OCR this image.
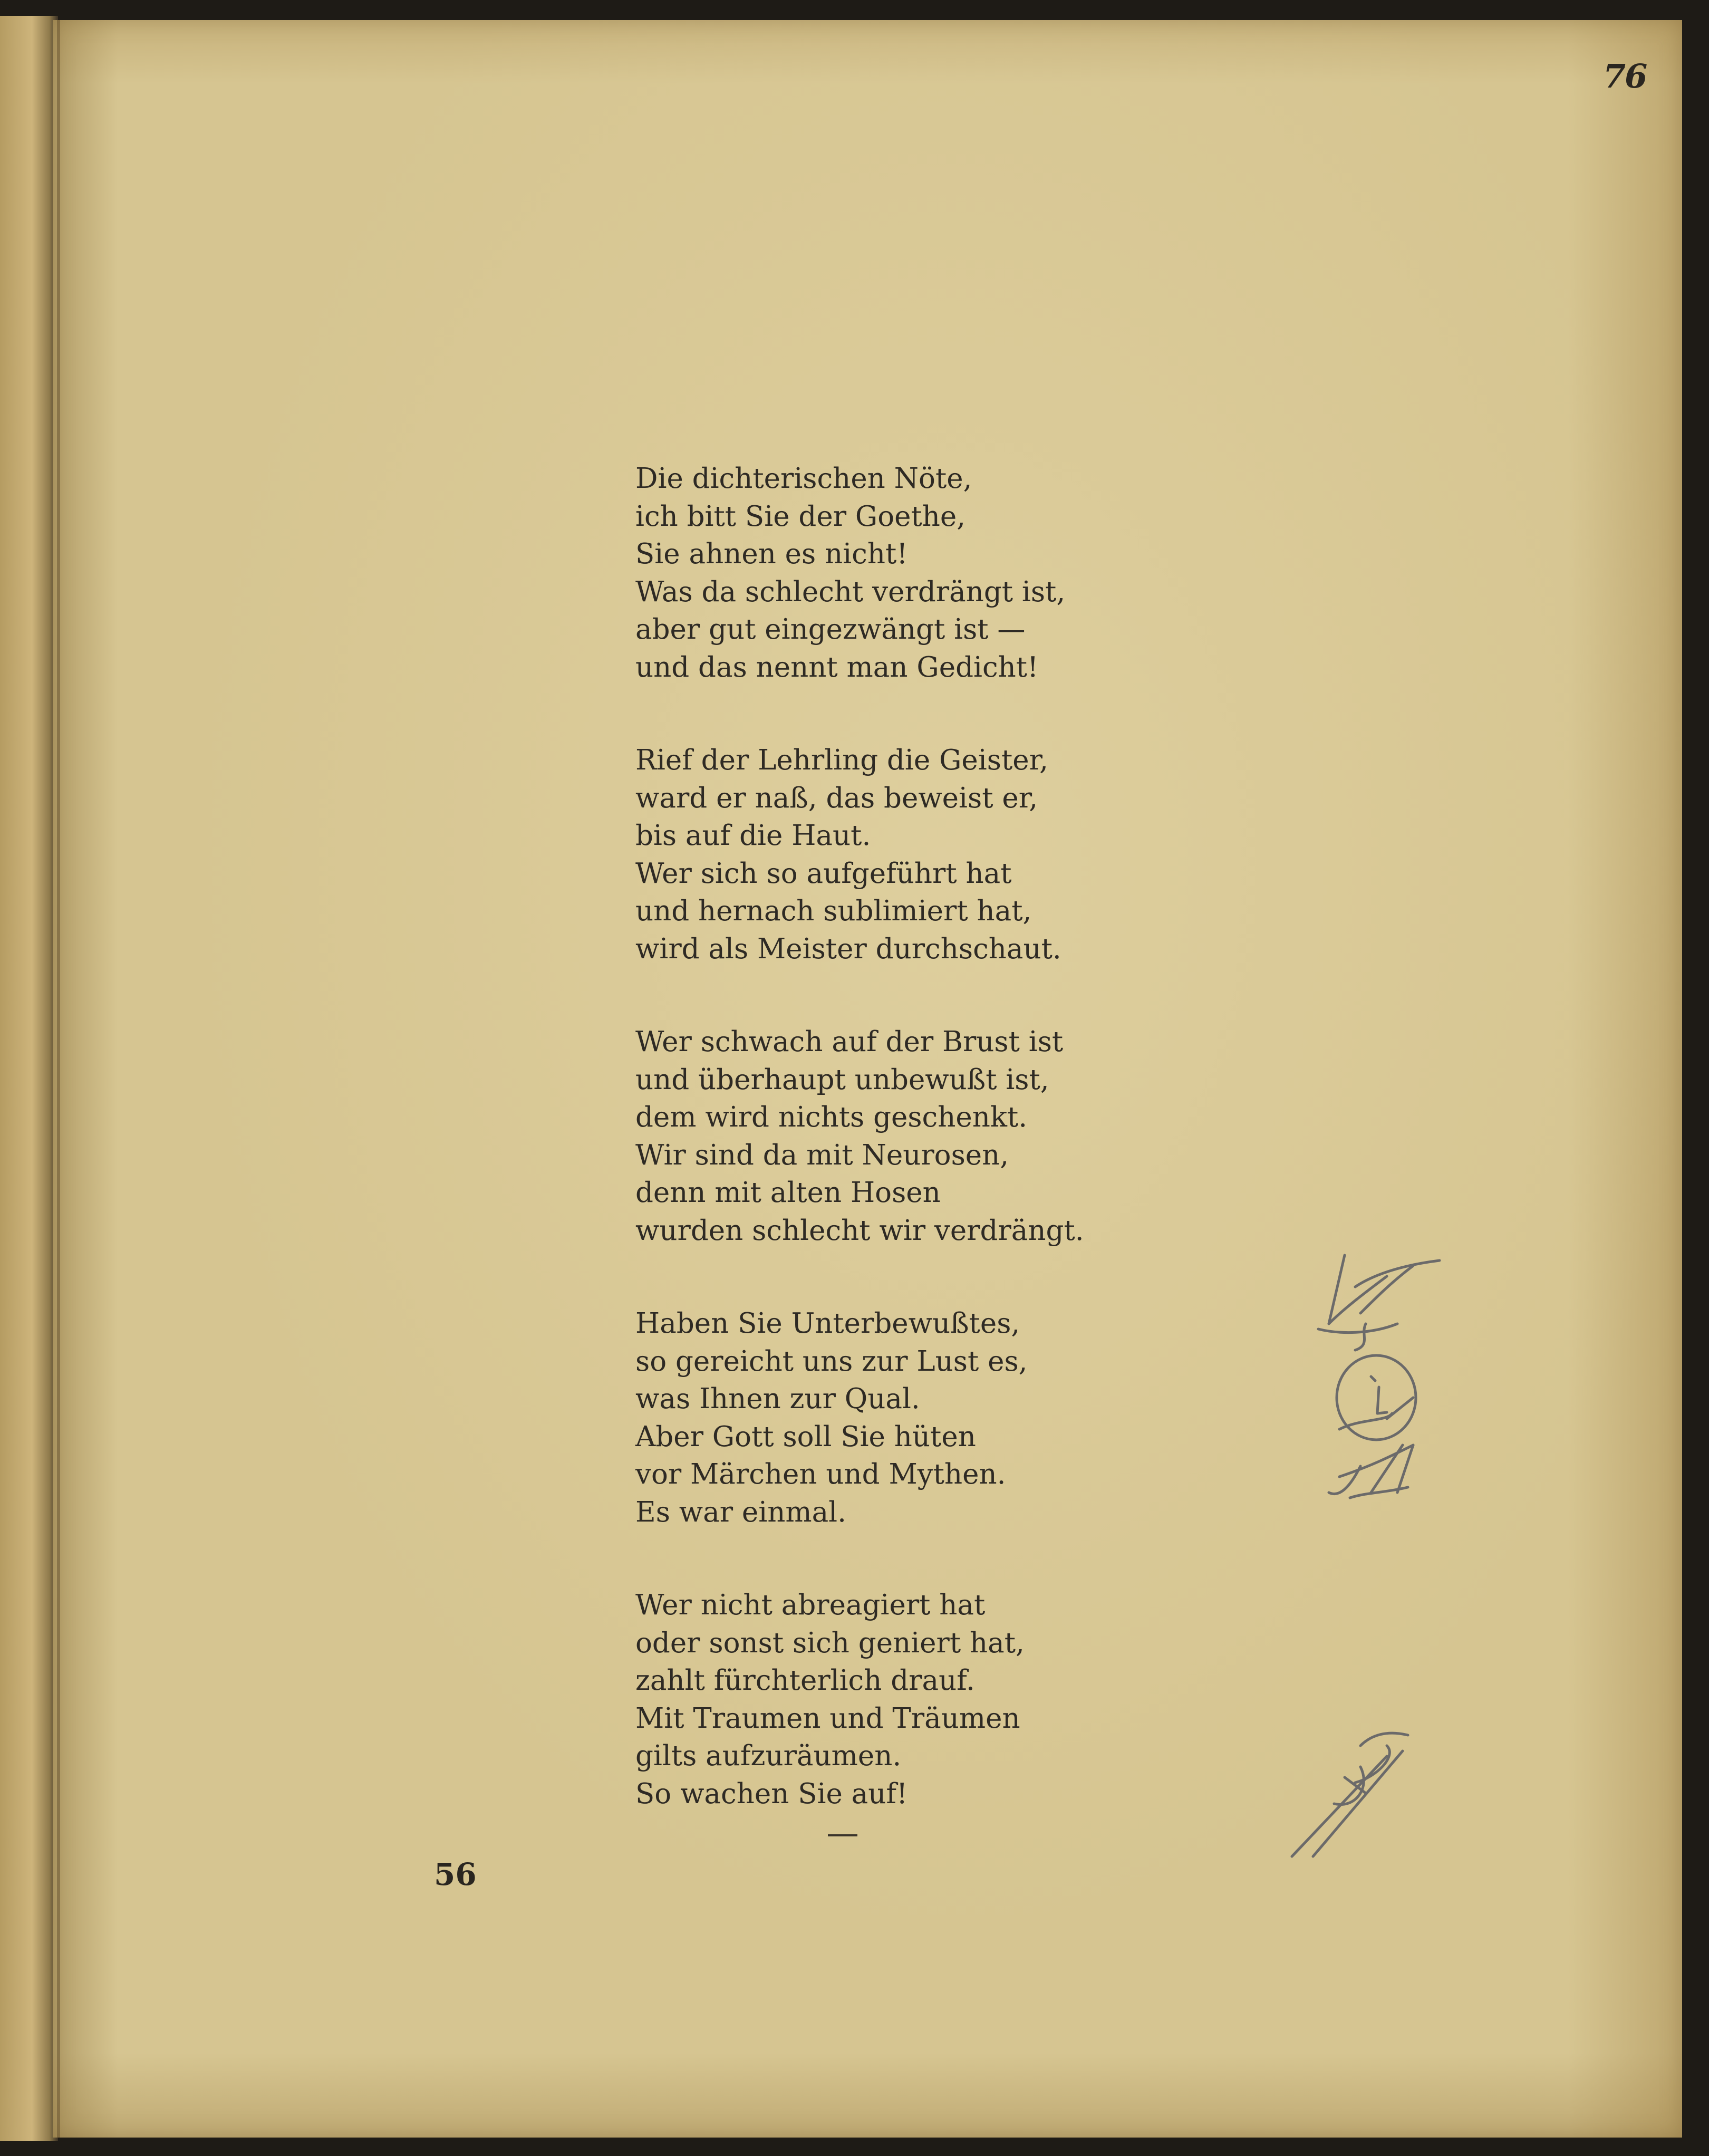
76
Die dichterischen Nöte,
ich bitt Sie der Goethe,
Sie ahnen es nicht!
Was da schlecht verdrängt ist,
aber gut eingezwängt ist —
und das nennt man Gedicht!
Rief der Lehrling die Geister,
ward er naß, das beweist er,
bis auf die Haut.
Wer sich so aufgeführt hat
und hernach sublimiert hat,
wird als Meister durchschaut.
Wer schwach auf der Brust ist
und überhaupt unbewußt ist,
dem wird nichts geschenkt.
Wir sind da mit Neurosen,
denn mit alten Hosen
wurden schlecht wir verdrängt.
Haben Sie Unterbewußtes,
so gereicht uns zur Lust es,
was Ihnen zur Qual.
Aber Gott soll Sie hüten
vor Märchen und Mythen.
Es war einmal.
Wer nicht abreagiert hat
oder sonst sich geniert hat,
zahlt fürchterlich drauf.
Mit Traumen und Träumen
gilts aufzuräumen.
So wachen Sie auf!
56
